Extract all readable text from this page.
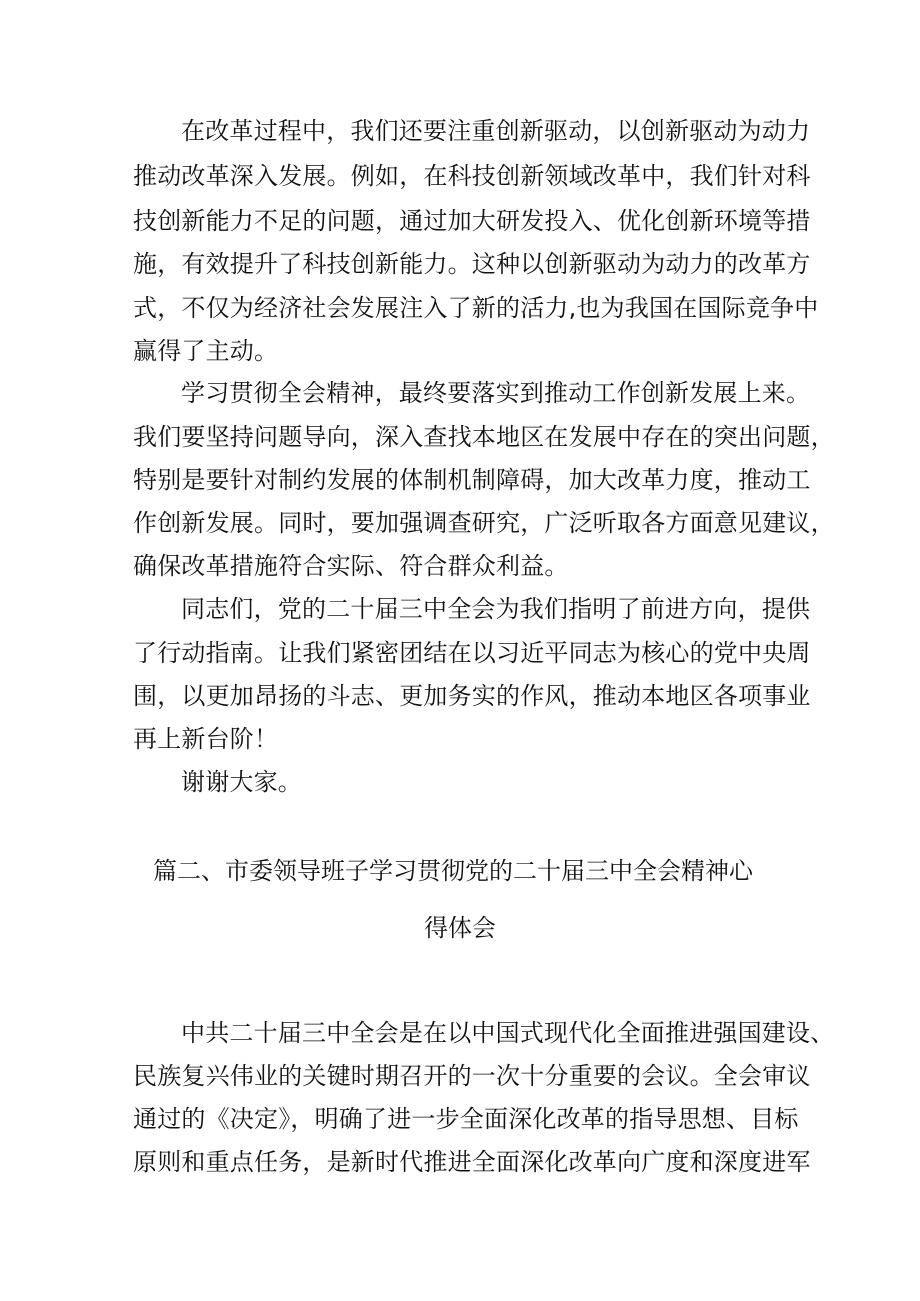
在改革过程中，我们还要注重创新驱动，以创新驱动为动力
推动改革深入发展。例如，在科技创新领域改革中，我们针对科
技创新能力不足的问题，通过加大研发投入、优化创新环境等措
施，有效提升了科技创新能力。这种以创新驱动为动力的改革方
式，不仅为经济社会发展注入了新的活力,也为我国在国际竞争中
赢得了主动。
学习贯彻全会精神，最终要落实到推动工作创新发展上来。
我们要坚持问题导向，深入查找本地区在发展中存在的突出问题，
特别是要针对制约发展的体制机制障碍，加大改革力度，推动工
作创新发展。同时，要加强调查研究，广泛听取各方面意见建议，
确保改革措施符合实际、符合群众利益。
同志们，党的二十届三中全会为我们指明了前进方向，提供
了行动指南。让我们紧密团结在以习近平同志为核心的党中央周
围，以更加昂扬的斗志、更加务实的作风，推动本地区各项事业
再上新台阶！
谢谢大家。
篇二、市委领导班子学习贯彻党的二十届三中全会精神心
得体会
中共二十届三中全会是在以中国式现代化全面推进强国建设、
民族复兴伟业的关键时期召开的一次十分重要的会议。全会审议
通过的《决定》，明确了进一步全面深化改革的指导思想、目标
原则和重点任务，是新时代推进全面深化改革向广度和深度进军
